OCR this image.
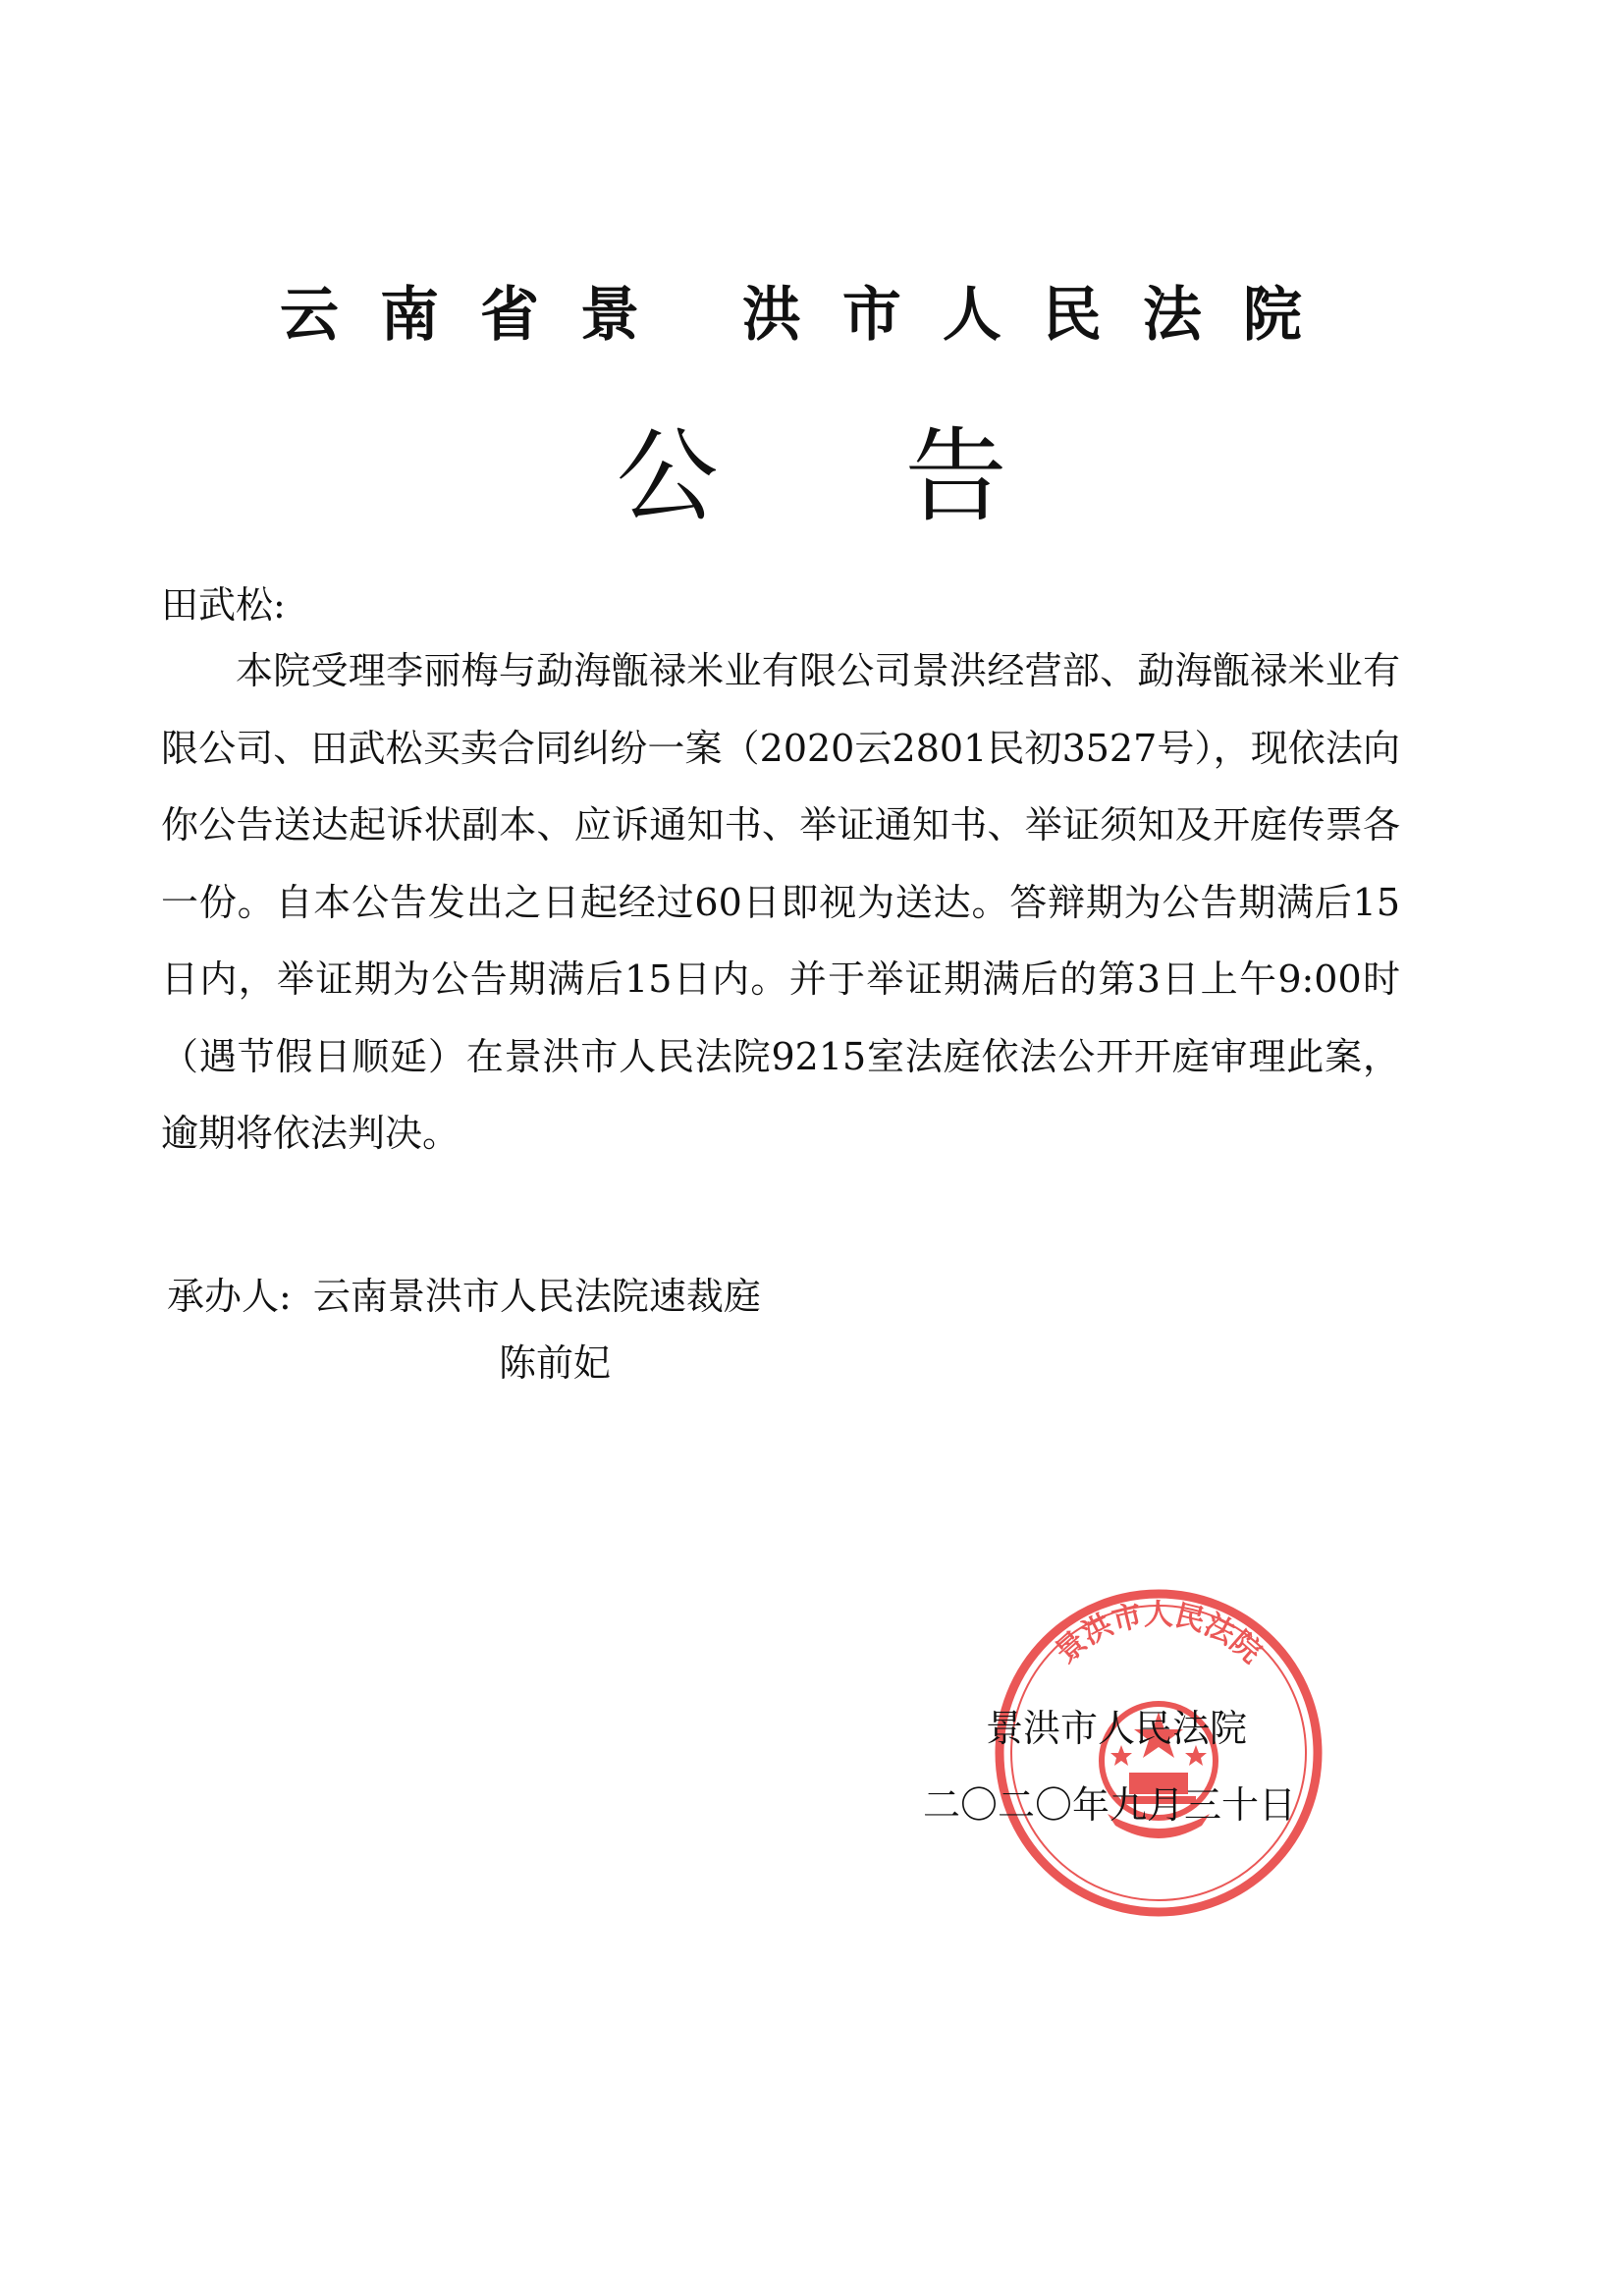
云南省景 洪市人民法院
公告
田武松:

本院受理李丽梅与勐海甑禄米业有限公司景洪经营部、勐海甑禄米业有限公司、田武松买卖合同纠纷一案（2020云2801民初3527号），现依法向你公告送达起诉状副本、应诉通知书、举证通知书、举证须知及开庭传票各一份。自本公告发出之日起经过60日即视为送达。答辩期为公告期满后15日内，举证期为公告期满后15日内。并于举证期满后的第3日上午9:00时（遇节假日顺延）在景洪市人民法院9215室法庭依法公开开庭审理此案，逾期将依法判决。

承办人: 云南景洪市人民法院速裁庭
陈前妃
景洪市人民法院
景洪市人民法院
二〇二〇年九月三十日
